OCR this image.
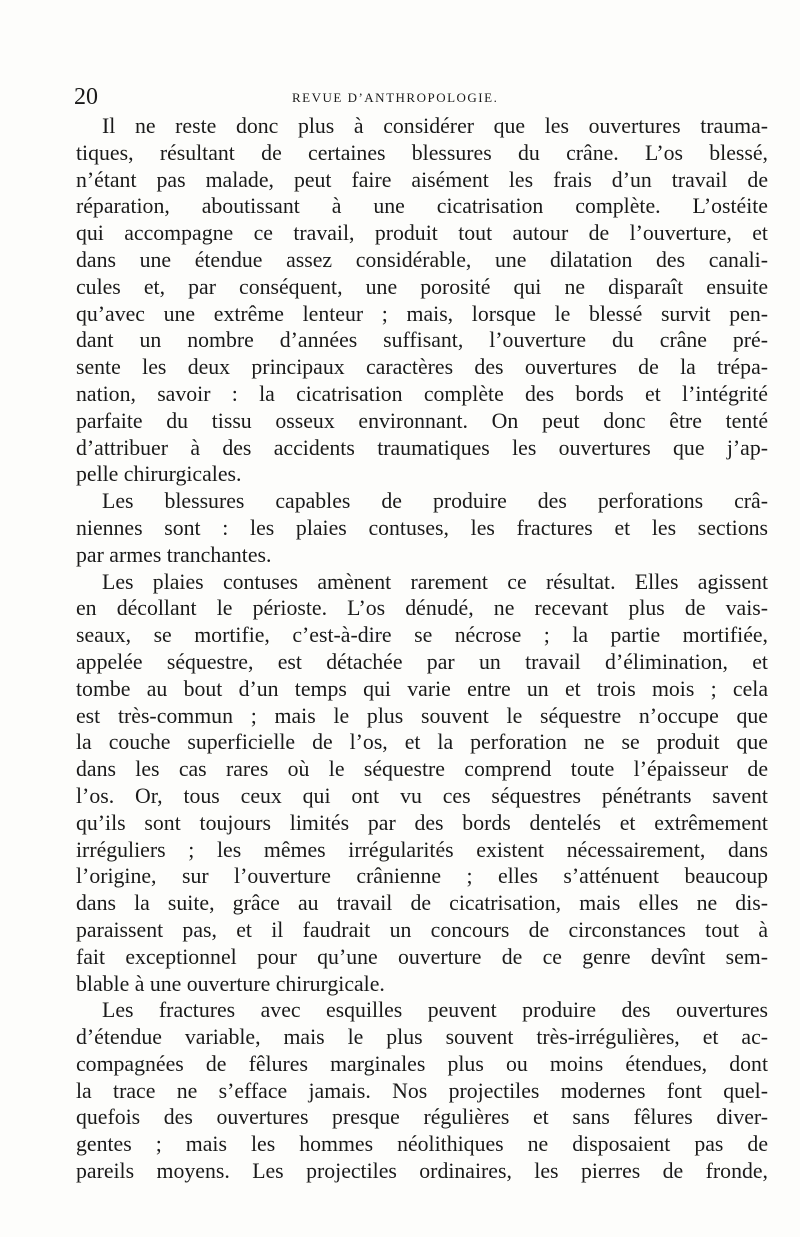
20	REVUE D’ANTHROPOLOGIE.
Il ne reste donc plus à considérer que les ouvertures trauma-
tiques, résultant de certaines blessures du crâne. L’os blessé,
n’étant pas malade, peut faire aisément les frais d’un travail de
réparation, aboutissant à une cicatrisation complète. L’ostéite
qui accompagne ce travail, produit tout autour de l’ouverture, et
dans une étendue assez considérable, une dilatation des canali-
cules et, par conséquent, une porosité qui ne disparaît ensuite
qu’avec une extrême lenteur ; mais, lorsque le blessé survit pen-
dant un nombre d’années suffisant, l’ouverture du crâne pré-
sente les deux principaux caractères des ouvertures de la trépa-
nation, savoir : la cicatrisation complète des bords et l’intégrité
parfaite du tissu osseux environnant. On peut donc être tenté
d’attribuer à des accidents traumatiques les ouvertures que j’ap-
pelle chirurgicales.
Les blessures capables de produire des perforations crâ-
niennes sont : les plaies contuses, les fractures et les sections
par armes tranchantes.
Les plaies contuses amènent rarement ce résultat. Elles agissent
en décollant le périoste. L’os dénudé, ne recevant plus de vais-
seaux, se mortifie, c’est-à-dire se nécrose ; la partie mortifiée,
appelée séquestre, est détachée par un travail d’élimination, et
tombe au bout d’un temps qui varie entre un et trois mois ; cela
est très-commun ; mais le plus souvent le séquestre n’occupe que
la couche superficielle de l’os, et la perforation ne se produit que
dans les cas rares où le séquestre comprend toute l’épaisseur de
l’os. Or, tous ceux qui ont vu ces séquestres pénétrants savent
qu’ils sont toujours limités par des bords dentelés et extrêmement
irréguliers ; les mêmes irrégularités existent nécessairement, dans
l’origine, sur l’ouverture crânienne ; elles s’atténuent beaucoup
dans la suite, grâce au travail de cicatrisation, mais elles ne dis-
paraissent pas, et il faudrait un concours de circonstances tout à
fait exceptionnel pour qu’une ouverture de ce genre devînt sem-
blable à une ouverture chirurgicale.
Les fractures avec esquilles peuvent produire des ouvertures
d’étendue variable, mais le plus souvent très-irrégulières, et ac-
compagnées de fêlures marginales plus ou moins étendues, dont
la trace ne s’efface jamais. Nos projectiles modernes font quel-
quefois des ouvertures presque régulières et sans fêlures diver-
gentes ; mais les hommes néolithiques ne disposaient pas de
pareils moyens. Les projectiles ordinaires, les pierres de fronde,
